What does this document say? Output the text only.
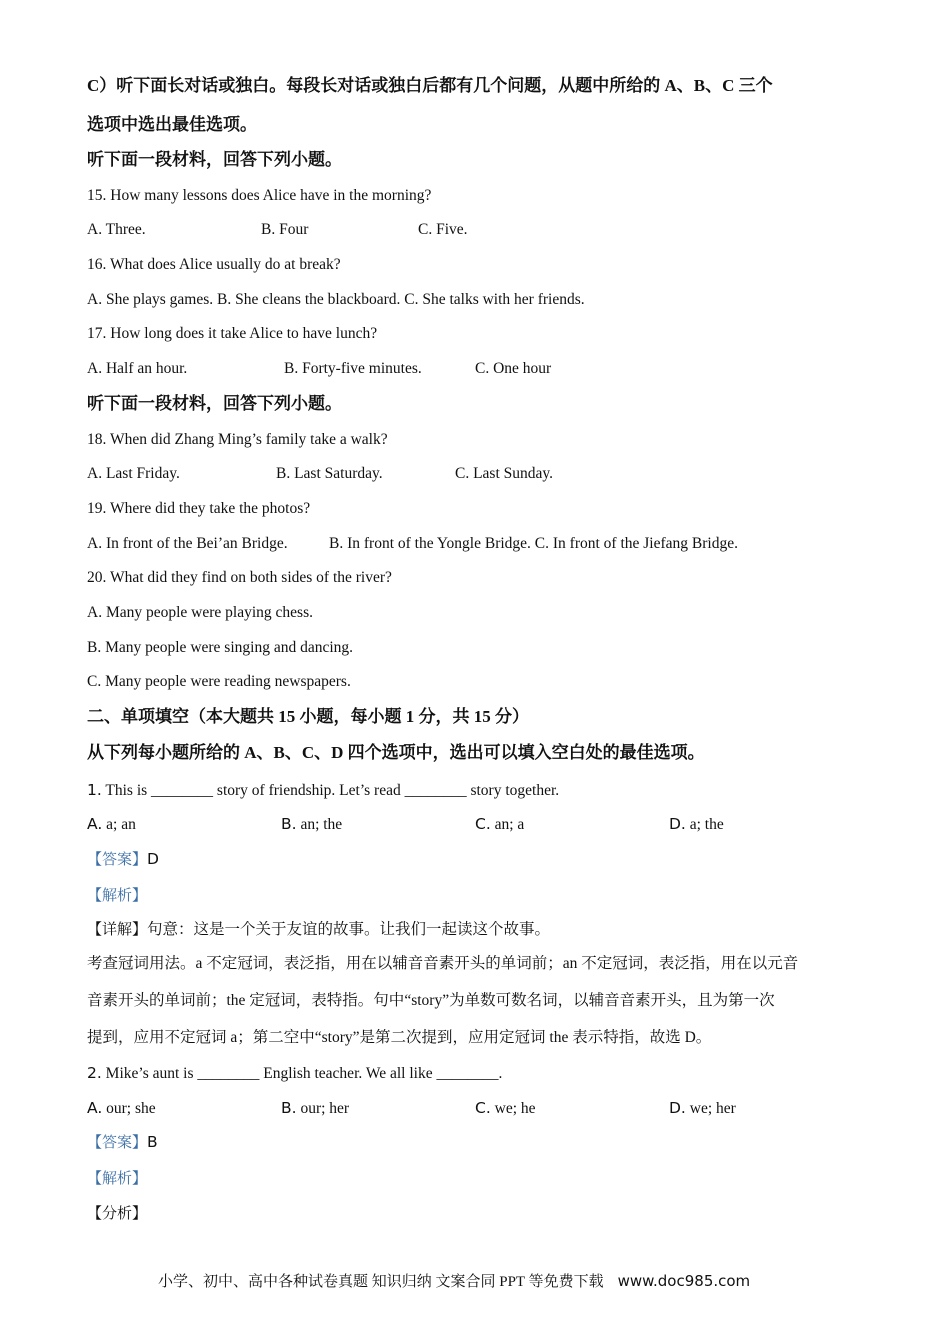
C）听下面长对话或独白。每段长对话或独白后都有几个问题，从题中所给的 A、B、C 三个
选项中选出最佳选项。
听下面一段材料，回答下列小题。
15. How many lessons does Alice have in the morning?
A. Three.	B. Four	C. Five.
16. What does Alice usually do at break?
A. She plays games. B. She cleans the blackboard. C. She talks with her friends.
17. How long does it take Alice to have lunch?
A. Half an hour.	B. Forty-five minutes.	C. One hour
听下面一段材料，回答下列小题。
18. When did Zhang Ming’s family take a walk?
A. Last Friday.	B. Last Saturday.	C. Last Sunday.
19. Where did they take the photos?
A. In front of the Bei’an Bridge.	B. In front of the Yongle Bridge. C. In front of the Jiefang Bridge.
20. What did they find on both sides of the river?
A. Many people were playing chess.
B. Many people were singing and dancing.
C. Many people were reading newspapers.
二、单项填空（本大题共 15 小题，每小题 1 分，共 15 分）
从下列每小题所给的 A、B、C、D 四个选项中，选出可以填入空白处的最佳选项。
1. This is ________ story of friendship. Let’s read ________ story together.
A. a; an	B. an; the	C. an; a	D. a; the
【答案】D
【解析】
【详解】句意：这是一个关于友谊的故事。让我们一起读这个故事。
考查冠词用法。a 不定冠词，表泛指，用在以辅音音素开头的单词前；an 不定冠词，表泛指，用在以元音
音素开头的单词前；the 定冠词，表特指。句中“story”为单数可数名词，以辅音音素开头，且为第一次
提到，应用不定冠词 a；第二空中“story”是第二次提到，应用定冠词 the 表示特指，故选 D。
2. Mike’s aunt is ________ English teacher. We all like ________.
A. our; she	B. our; her	C. we; he	D. we; her
【答案】B
【解析】
【分析】
小学、初中、高中各种试卷真题 知识归纳 文案合同 PPT 等免费下载 www.doc985.com
